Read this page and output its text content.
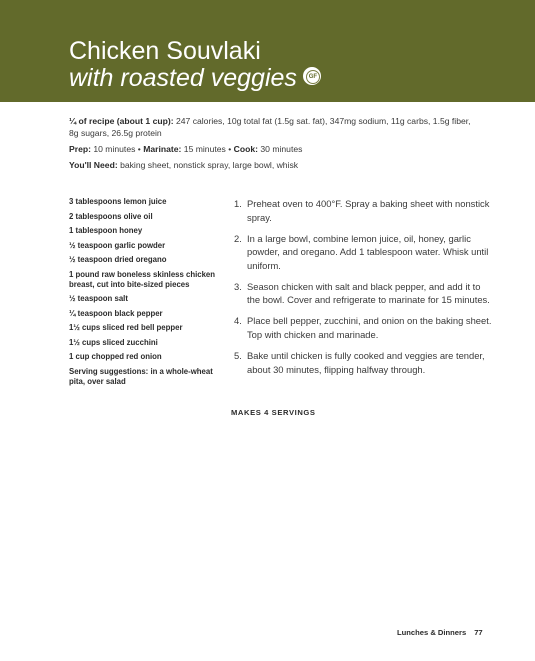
Chicken Souvlaki
with roasted veggies	GF
¼ of recipe (about 1 cup): 247 calories, 10g total fat (1.5g sat. fat), 347mg sodium, 11g carbs, 1.5g fiber, 8g sugars, 26.5g protein
Prep: 10 minutes • Marinate: 15 minutes • Cook: 30 minutes
You'll Need: baking sheet, nonstick spray, large bowl, whisk
3 tablespoons lemon juice
2 tablespoons olive oil
1 tablespoon honey
½ teaspoon garlic powder
½ teaspoon dried oregano
1 pound raw boneless skinless chicken breast, cut into bite-sized pieces
½ teaspoon salt
¼ teaspoon black pepper
1½ cups sliced red bell pepper
1½ cups sliced zucchini
1 cup chopped red onion
Serving suggestions: in a whole-wheat pita, over salad
1. Preheat oven to 400°F. Spray a baking sheet with nonstick spray.
2. In a large bowl, combine lemon juice, oil, honey, garlic powder, and oregano. Add 1 tablespoon water. Whisk until uniform.
3. Season chicken with salt and black pepper, and add it to the bowl. Cover and refrigerate to marinate for 15 minutes.
4. Place bell pepper, zucchini, and onion on the baking sheet. Top with chicken and marinade.
5. Bake until chicken is fully cooked and veggies are tender, about 30 minutes, flipping halfway through.
MAKES 4 SERVINGS
Lunches & Dinners 77
